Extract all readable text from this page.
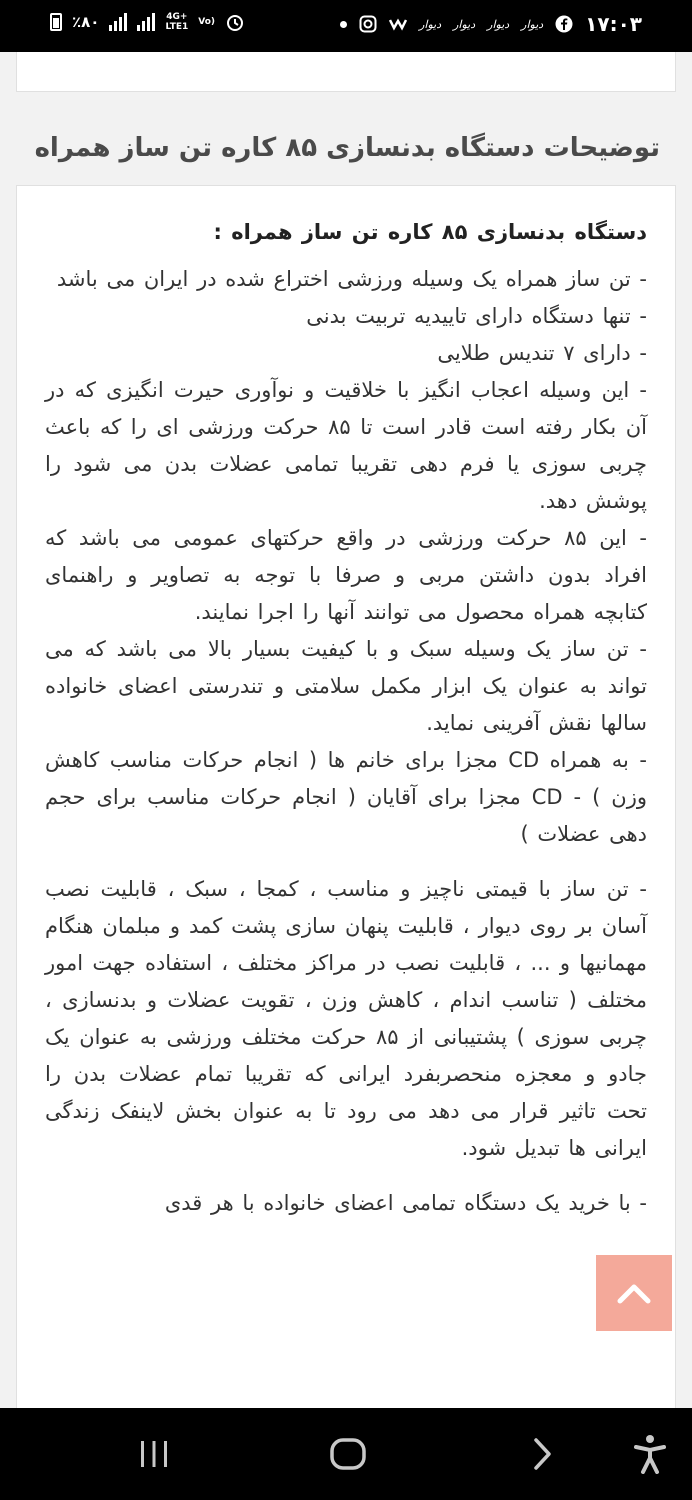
٪۸۰	4G+
LTE1 Vo)	دیوار دیوار دیوار دیوار ۱۷:۰۳
توضیحات دستگاه بدنسازی ۸۵ کاره تن ساز همراه

دستگاه بدنسازی ۸۵ کاره تن ساز همراه :

- تن ساز همراه یک وسیله ورزشی اختراع شده در ایران می باشد

- تنها دستگاه دارای تاییدیه تربیت بدنی

- دارای ۷ تندیس طلایی

- این وسیله اعجاب انگیز با خلاقیت و نوآوری حیرت انگیزی که در آن بکار رفته است قادر است تا ۸۵ حرکت ورزشی ای را که باعث چربی سوزی یا فرم دهی تقریبا تمامی عضلات بدن می شود را پوشش دهد.

- این ۸۵ حرکت ورزشی در واقع حرکتهای عمومی می باشد که افراد بدون داشتن مربی و صرفا با توجه به تصاویر و راهنمای کتابچه همراه محصول می توانند آنها را اجرا نمایند.

- تن ساز یک وسیله سبک و با کیفیت بسیار بالا می باشد که می تواند به عنوان یک ابزار مکمل سلامتی و تندرستی اعضای خانواده سالها نقش آفرینی نماید.

- به همراه CD مجزا برای خانم ها ( انجام حرکات مناسب کاهش وزن ) - CD مجزا برای آقایان ( انجام حرکات مناسب برای حجم دهی عضلات )

- تن ساز با قیمتی ناچیز و مناسب ، کمجا ، سبک ، قابلیت نصب آسان بر روی دیوار ، قابلیت پنهان سازی پشت کمد و مبلمان هنگام مهمانیها و ... ، قابلیت نصب در مراکز مختلف ، استفاده جهت امور مختلف ( تناسب اندام ، کاهش وزن ، تقویت عضلات و بدنسازی ، چربی سوزی ) پشتیبانی از ۸۵ حرکت مختلف ورزشی به عنوان یک جادو و معجزه منحصربفرد ایرانی که تقریبا تمام عضلات بدن را تحت تاثیر قرار می دهد می رود تا به عنوان بخش لاینفک زندگی ایرانی ها تبدیل شود.

- با خرید یک دستگاه تمامی اعضای خانواده با هر قدی
